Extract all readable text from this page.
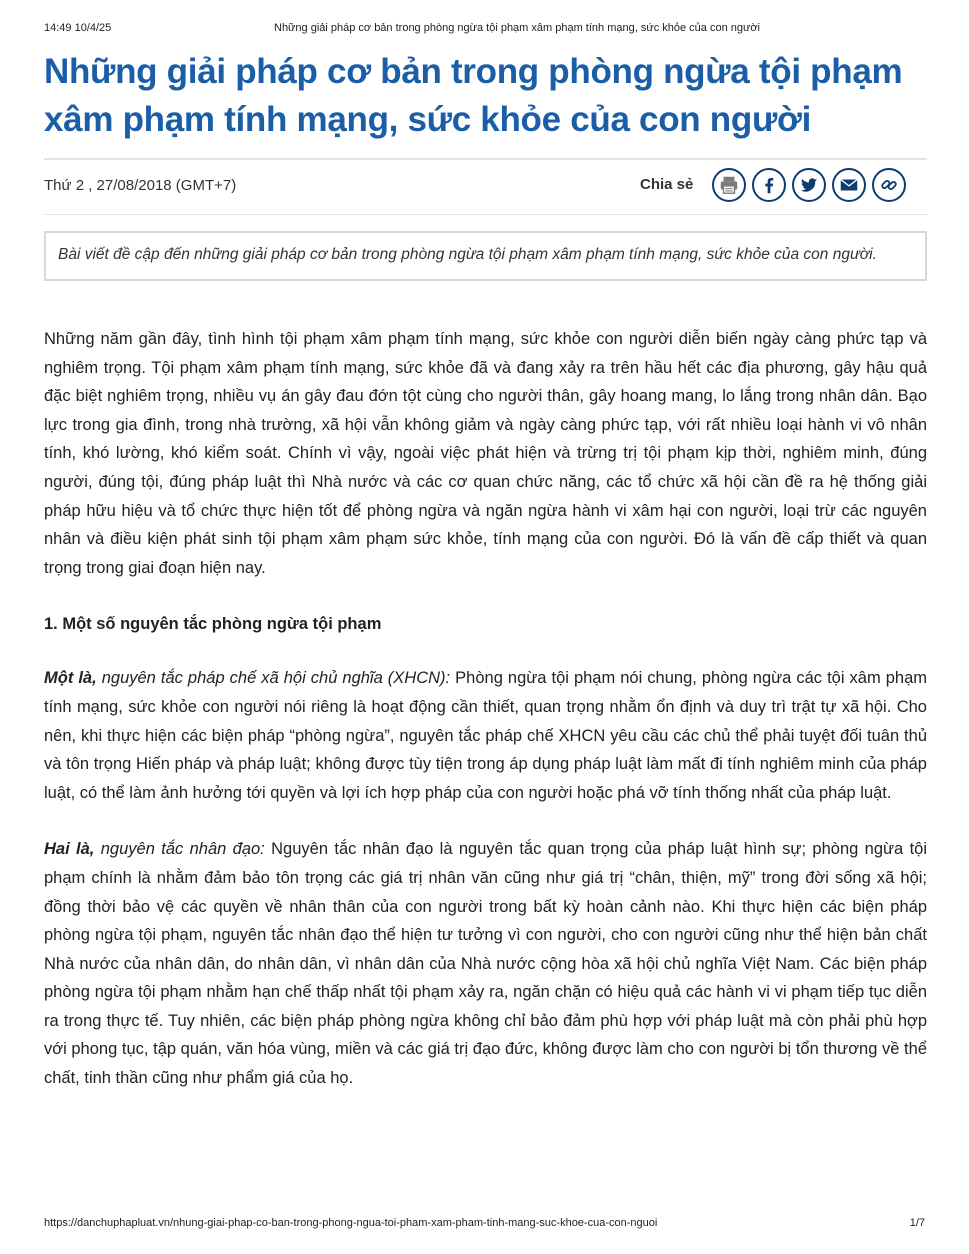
14:49 10/4/25	Những giải pháp cơ bản trong phòng ngừa tội phạm xâm phạm tính mạng, sức khỏe của con người
Những giải pháp cơ bản trong phòng ngừa tội phạm
xâm phạm tính mạng, sức khỏe của con người
Thứ 2 , 27/08/2018 (GMT+7)	Chia sẻ
Bài viết đề cập đến những giải pháp cơ bản trong phòng ngừa tội phạm xâm phạm tính mạng, sức khỏe của con người.

Những năm gần đây, tình hình tội phạm xâm phạm tính mạng, sức khỏe con người diễn biến ngày càng phức tạp và nghiêm trọng. Tội phạm xâm phạm tính mạng, sức khỏe đã và đang xảy ra trên hầu hết các địa phương, gây hậu quả đặc biệt nghiêm trọng, nhiều vụ án gây đau đớn tột cùng cho người thân, gây hoang mang, lo lắng trong nhân dân. Bạo lực trong gia đình, trong nhà trường, xã hội vẫn không giảm và ngày càng phức tạp, với rất nhiều loại hành vi vô nhân tính, khó lường, khó kiểm soát. Chính vì vậy, ngoài việc phát hiện và trừng trị tội phạm kịp thời, nghiêm minh, đúng người, đúng tội, đúng pháp luật thì Nhà nước và các cơ quan chức năng, các tổ chức xã hội cần đề ra hệ thống giải pháp hữu hiệu và tổ chức thực hiện tốt để phòng ngừa và ngăn ngừa hành vi xâm hại con người, loại trừ các nguyên nhân và điều kiện phát sinh tội phạm xâm phạm sức khỏe, tính mạng của con người. Đó là vấn đề cấp thiết và quan trọng trong giai đoạn hiện nay.

1. Một số nguyên tắc phòng ngừa tội phạm

Một là, nguyên tắc pháp chế xã hội chủ nghĩa (XHCN): Phòng ngừa tội phạm nói chung, phòng ngừa các tội xâm phạm tính mạng, sức khỏe con người nói riêng là hoạt động cần thiết, quan trọng nhằm ổn định và duy trì trật tự xã hội. Cho nên, khi thực hiện các biện pháp “phòng ngừa”, nguyên tắc pháp chế XHCN yêu cầu các chủ thể phải tuyệt đối tuân thủ và tôn trọng Hiến pháp và pháp luật; không được tùy tiện trong áp dụng pháp luật làm mất đi tính nghiêm minh của pháp luật, có thể làm ảnh hưởng tới quyền và lợi ích hợp pháp của con người hoặc phá vỡ tính thống nhất của pháp luật.

Hai là, nguyên tắc nhân đạo: Nguyên tắc nhân đạo là nguyên tắc quan trọng của pháp luật hình sự; phòng ngừa tội phạm chính là nhằm đảm bảo tôn trọng các giá trị nhân văn cũng như giá trị “chân, thiện, mỹ” trong đời sống xã hội; đồng thời bảo vệ các quyền về nhân thân của con người trong bất kỳ hoàn cảnh nào. Khi thực hiện các biện pháp phòng ngừa tội phạm, nguyên tắc nhân đạo thể hiện tư tưởng vì con người, cho con người cũng như thể hiện bản chất Nhà nước của nhân dân, do nhân dân, vì nhân dân của Nhà nước cộng hòa xã hội chủ nghĩa Việt Nam. Các biện pháp phòng ngừa tội phạm nhằm hạn chế thấp nhất tội phạm xảy ra, ngăn chặn có hiệu quả các hành vi vi phạm tiếp tục diễn ra trong thực tế. Tuy nhiên, các biện pháp phòng ngừa không chỉ bảo đảm phù hợp với pháp luật mà còn phải phù hợp với phong tục, tập quán, văn hóa vùng, miền và các giá trị đạo đức, không được làm cho con người bị tổn thương về thể chất, tinh thần cũng như phẩm giá của họ.

https://danchuphapluat.vn/nhung-giai-phap-co-ban-trong-phong-ngua-toi-pham-xam-pham-tinh-mang-suc-khoe-cua-con-nguoi	1/7
